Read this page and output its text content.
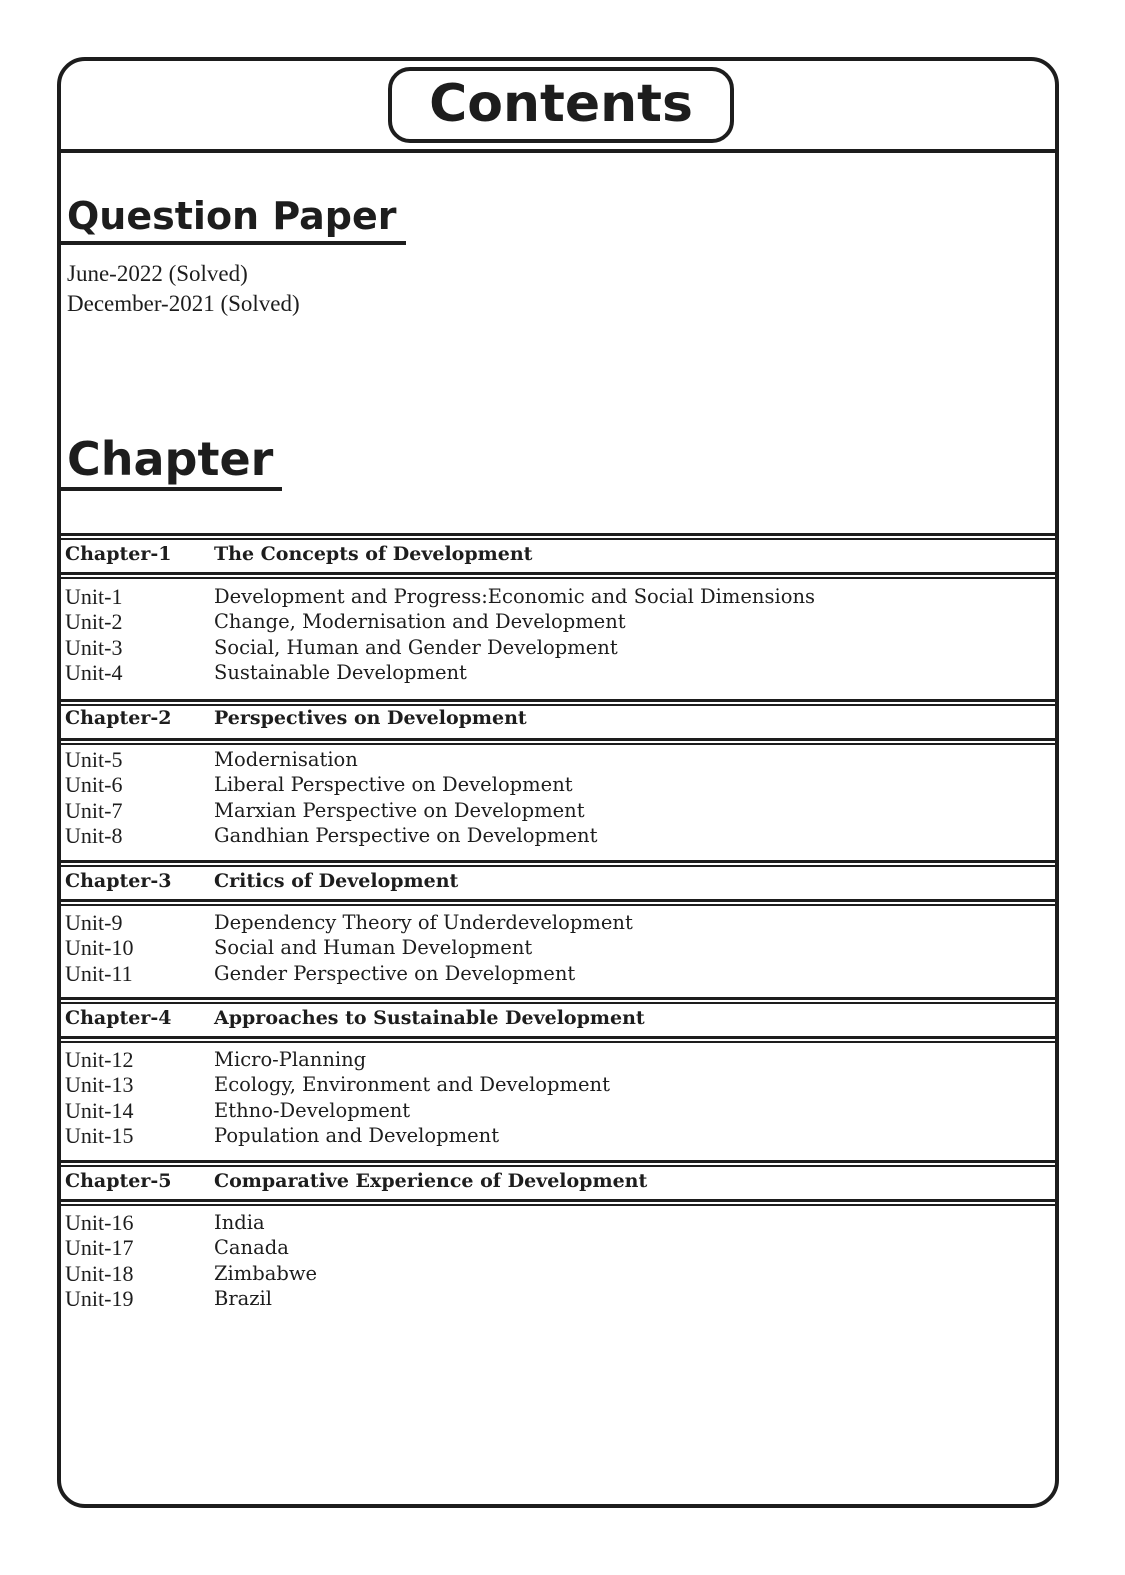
Contents
Question Paper
June-2022 (Solved)
December-2021 (Solved)
Chapter
Chapter-1 The Concepts of Development
Unit-1	Development and Progress:Economic and Social Dimensions
Unit-2	Change, Modernisation and Development
Unit-3	Social, Human and Gender Development
Unit-4	Sustainable Development
Chapter-2 Perspectives on Development
Unit-5	Modernisation
Unit-6	Liberal Perspective on Development
Unit-7	Marxian Perspective on Development
Unit-8	Gandhian Perspective on Development
Chapter-3 Critics of Development
Unit-9	Dependency Theory of Underdevelopment
Unit-10	Social and Human Development
Unit-11	Gender Perspective on Development
Chapter-4 Approaches to Sustainable Development
Unit-12	Micro-Planning
Unit-13	Ecology, Environment and Development
Unit-14	Ethno-Development
Unit-15	Population and Development
Chapter-5 Comparative Experience of Development
Unit-16	India
Unit-17	Canada
Unit-18	Zimbabwe
Unit-19	Brazil
